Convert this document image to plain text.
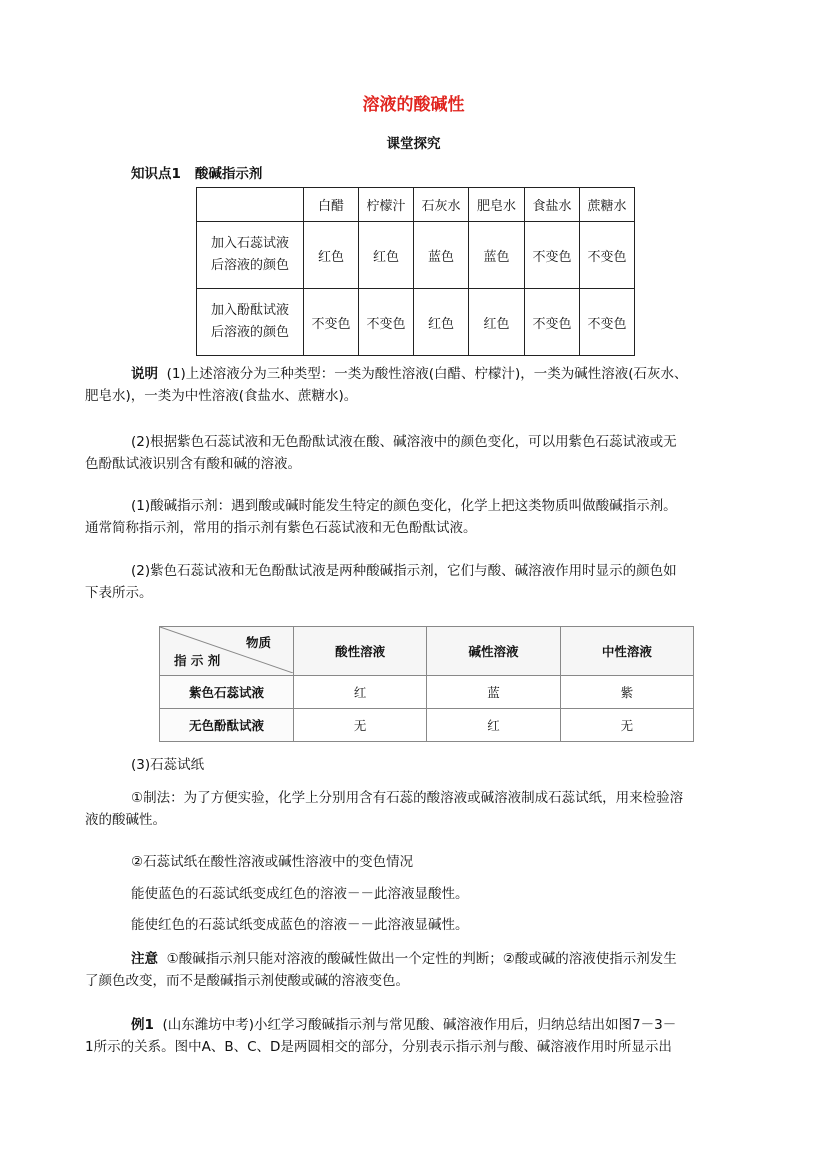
溶液的酸碱性
课堂探究
知识点1 酸碱指示剂
	白醋	柠檬汁	石灰水	肥皂水	食盐水	蔗糖水
加入石蕊试液
后溶液的颜色	红色	红色	蓝色	蓝色	不变色	不变色
加入酚酞试液
后溶液的颜色	不变色	不变色	红色	红色	不变色	不变色
说明 (1)上述溶液分为三种类型：一类为酸性溶液(白醋、柠檬汁)，一类为碱性溶液(石灰水、
肥皂水)，一类为中性溶液(食盐水、蔗糖水)。
(2)根据紫色石蕊试液和无色酚酞试液在酸、碱溶液中的颜色变化，可以用紫色石蕊试液或无
色酚酞试液识别含有酸和碱的溶液。
(1)酸碱指示剂：遇到酸或碱时能发生特定的颜色变化，化学上把这类物质叫做酸碱指示剂。
通常简称指示剂，常用的指示剂有紫色石蕊试液和无色酚酞试液。
(2)紫色石蕊试液和无色酚酞试液是两种酸碱指示剂，它们与酸、碱溶液作用时显示的颜色如
下表所示。
物质
指 示 剂	酸性溶液	碱性溶液	中性溶液
紫色石蕊试液	红	蓝	紫
无色酚酞试液	无	红	无
(3)石蕊试纸
①制法：为了方便实验，化学上分别用含有石蕊的酸溶液或碱溶液制成石蕊试纸，用来检验溶
液的酸碱性。
②石蕊试纸在酸性溶液或碱性溶液中的变色情况
能使蓝色的石蕊试纸变成红色的溶液－－此溶液显酸性。
能使红色的石蕊试纸变成蓝色的溶液－－此溶液显碱性。
注意 ①酸碱指示剂只能对溶液的酸碱性做出一个定性的判断；②酸或碱的溶液使指示剂发生
了颜色改变，而不是酸碱指示剂使酸或碱的溶液变色。
例1 (山东潍坊中考)小红学习酸碱指示剂与常见酸、碱溶液作用后，归纳总结出如图7－3－
1所示的关系。图中A、B、C、D是两圆相交的部分，分别表示指示剂与酸、碱溶液作用时所显示出
